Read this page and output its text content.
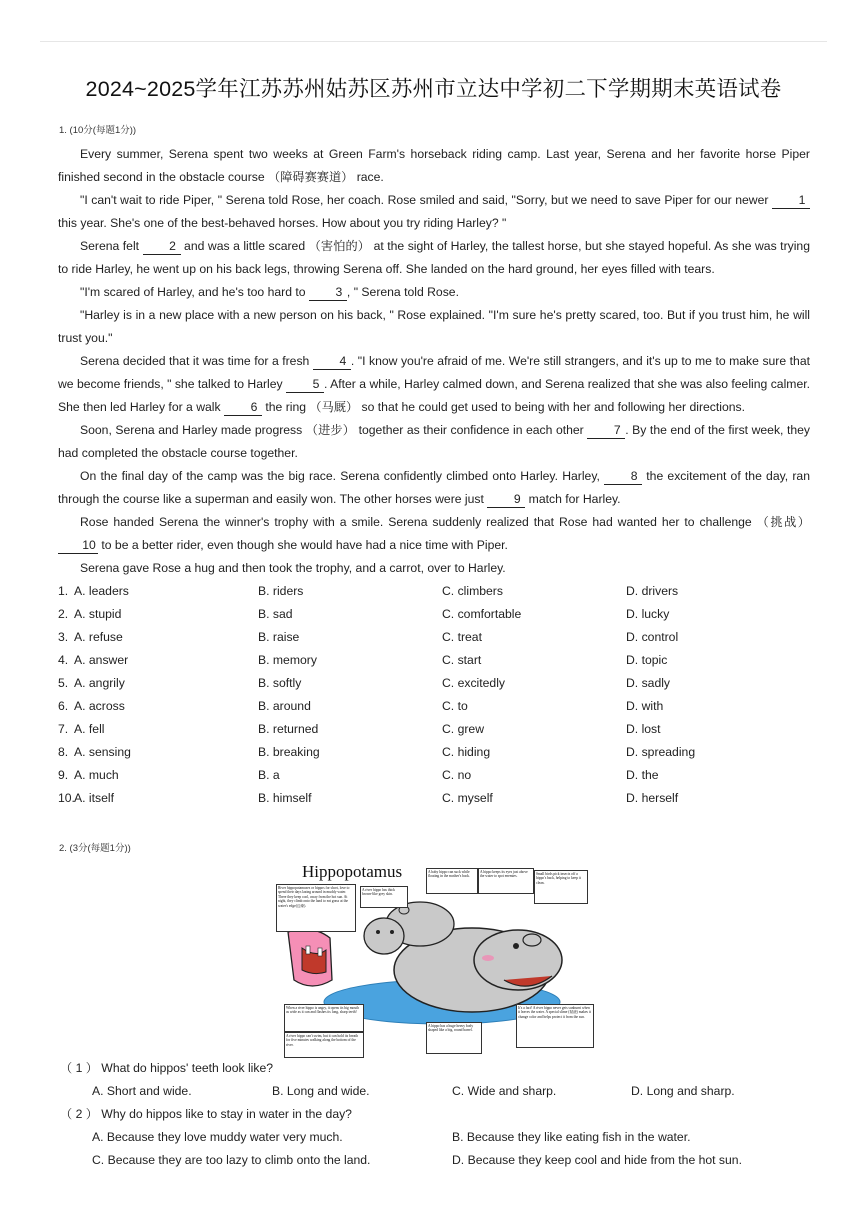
2024~2025学年江苏苏州姑苏区苏州市立达中学初二下学期期末英语试卷
1. (10分(每题1分))

Every summer, Serena spent two weeks at Green Farm's horseback riding camp. Last year, Serena and her favorite horse Piper finished second in the obstacle course （障碍赛赛道） race.

"I can't wait to ride Piper, " Serena told Rose, her coach. Rose smiled and said, "Sorry, but we need to save Piper for our newer 1 this year. She's one of the best-behaved horses. How about you try riding Harley? "

Serena felt 2 and was a little scared （害怕的） at the sight of Harley, the tallest horse, but she stayed hopeful. As she was trying to ride Harley, he went up on his back legs, throwing Serena off. She landed on the hard ground, her eyes filled with tears.

"I'm scared of Harley, and he's too hard to 3 , " Serena told Rose.

"Harley is in a new place with a new person on his back, " Rose explained. "I'm sure he's pretty scared, too. But if you trust him, he will trust you."

Serena decided that it was time for a fresh 4 . "I know you're afraid of me. We're still strangers, and it's up to me to make sure that we become friends, " she talked to Harley 5 . After a while, Harley calmed down, and Serena realized that she was also feeling calmer. She then led Harley for a walk 6 the ring （马厩） so that he could get used to being with her and following her directions.

Soon, Serena and Harley made progress （进步） together as their confidence in each other 7 . By the end of the first week, they had completed the obstacle course together.

On the final day of the camp was the big race. Serena confidently climbed onto Harley. Harley, 8 the excitement of the day, ran through the course like a superman and easily won. The other horses were just 9 match for Harley.

Rose handed Serena the winner's trophy with a smile. Serena suddenly realized that Rose had wanted her to challenge （挑战） 10 to be a better rider, even though she would have had a nice time with Piper.

Serena gave Rose a hug and then took the trophy, and a carrot, over to Harley.

1. A. leaders	B. riders	C. climbers	D. drivers
2. A. stupid	B. sad	C. comfortable	D. lucky
3. A. refuse	B. raise	C. treat	D. control
4. A. answer	B. memory	C. start	D. topic
5. A. angrily	B. softly	C. excitedly	D. sadly
6. A. across	B. around	C. to	D. with
7. A. fell	B. returned	C. grew	D. lost
8. A. sensing	B. breaking	C. hiding	D. spreading
9. A. much	B. a	C. no	D. the
10. A. itself	B. himself	C. myself	D. herself
2. (3分(每题1分))
Hippopotamus
River hippopotamuses or hippos for short, love to spend their days lazing around in muddy water. There they keep cool, away from the hot sun. At night, they climb onto the land to eat grass at the water's edge(边缘).
A river hippo has thick brown-like grey skin.
A baby hippo can suck while floating in the mother's back.
A hippo keeps its eyes just above the water to spot enemies.
Small birds pick insects off a hippo's back, helping to keep it clean.
When a river hippo is angry, it opens its big mouth as wide as it can and flashes its long, sharp teeth!
A river hippo can't swim, but it can hold its breath for five minutes walking along the bottom of the river.
A hippo has a huge heavy body shaped like a big, round barrel.
It's a fact! A river hippo never gets sunburnt when it leaves the water. A special slime (黏液) makes it change color and helps protect it from the sun.
（ 1 ） What do hippos' teeth look like?
A. Short and wide.	B. Long and wide.	C. Wide and sharp.	D. Long and sharp.
（ 2 ） Why do hippos like to stay in water in the day?
A. Because they love muddy water very much.	B. Because they like eating fish in the water.
C. Because they are too lazy to climb onto the land.	D. Because they keep cool and hide from the hot sun.
